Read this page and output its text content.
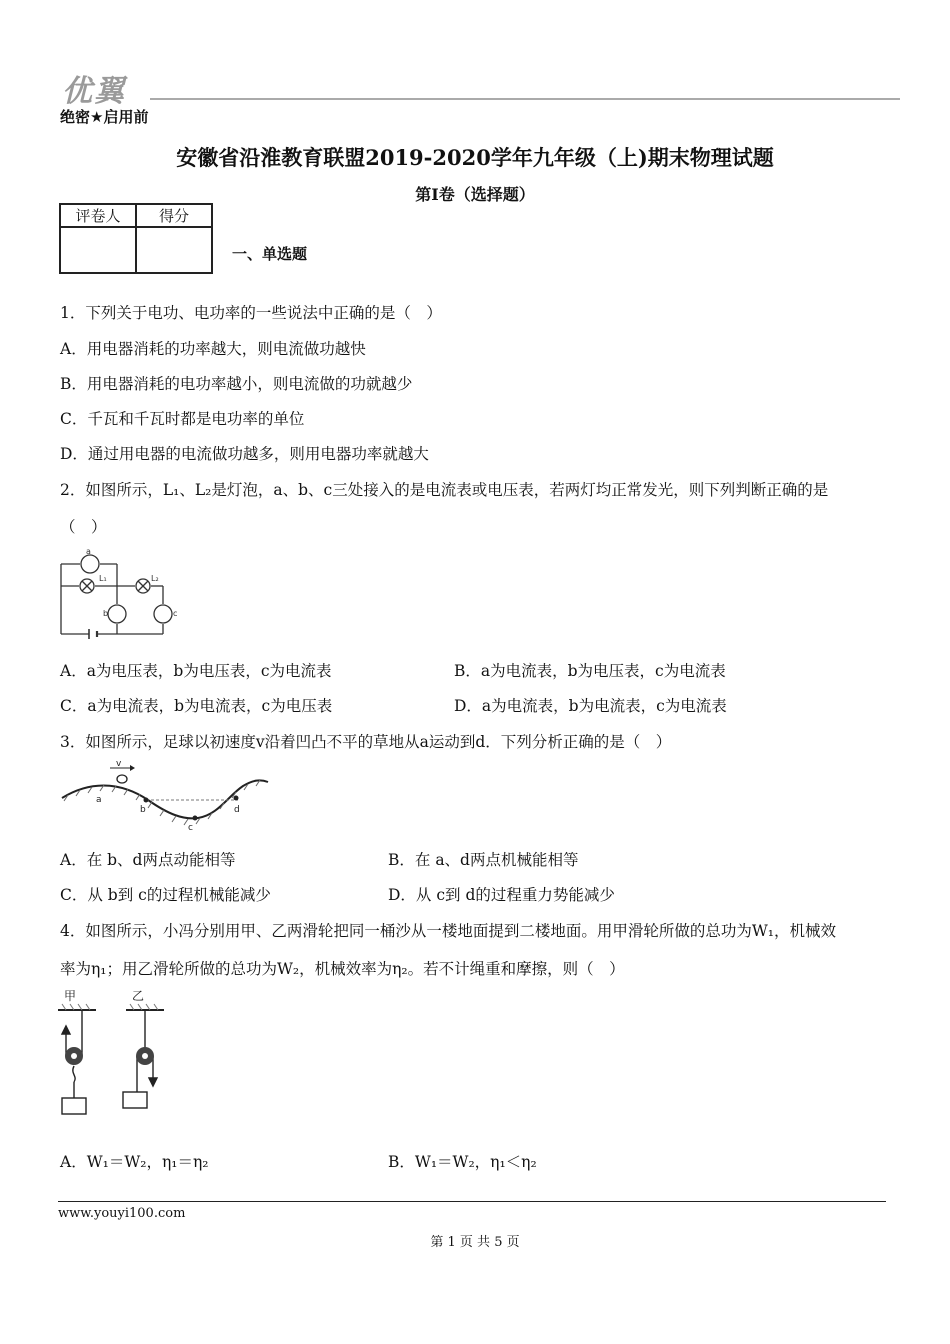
优翼
绝密★启用前
安徽省沿淮教育联盟2019-2020学年九年级（上)期末物理试题
第I卷（选择题）
评卷人	得分

一、单选题
1．下列关于电功、电功率的一些说法中正确的是（　）
A．用电器消耗的功率越大，则电流做功越快
B．用电器消耗的电功率越小，则电流做的功就越少
C．千瓦和千瓦时都是电功率的单位
D．通过用电器的电流做功越多，则用电器功率就越大
2．如图所示，L₁、L₂是灯泡，a、b、c三处接入的是电流表或电压表，若两灯均正常发光，则下列判断正确的是
（　）
a
L₁	L₂
b	c
A．a为电压表，b为电压表，c为电流表	B．a为电流表，b为电压表，c为电流表
C．a为电流表，b为电流表，c为电压表	D．a为电流表，b为电流表，c为电流表
3．如图所示，足球以初速度v沿着凹凸不平的草地从a运动到d．下列分析正确的是（　）
v
a
b
c
d
A．在 b、d两点动能相等	B．在 a、d两点机械能相等
C．从 b到 c的过程机械能减少	D．从 c到 d的过程重力势能减少
4．如图所示，小冯分别用甲、乙两滑轮把同一桶沙从一楼地面提到二楼地面。用甲滑轮所做的总功为W₁，机械效
率为η₁；用乙滑轮所做的总功为W₂，机械效率为η₂。若不计绳重和摩擦，则（　）
甲	乙
A．W₁＝W₂，η₁＝η₂	B．W₁＝W₂，η₁＜η₂
www.youyi100.com
第 1 页 共 5 页
